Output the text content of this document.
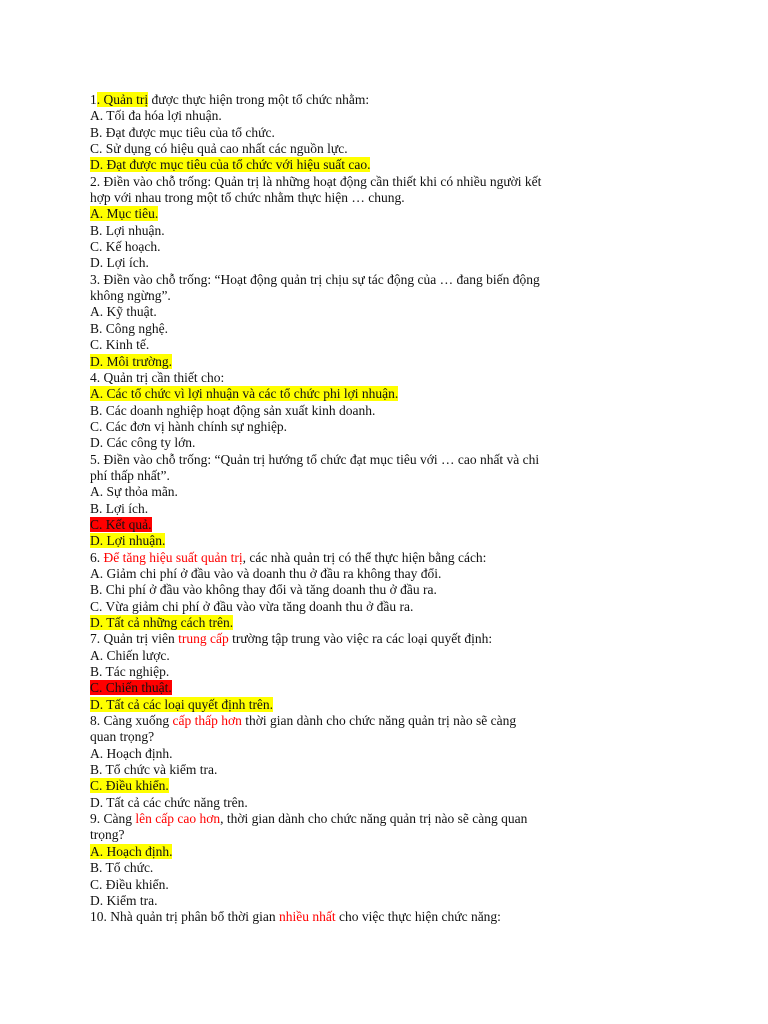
1. Quản trị được thực hiện trong một tổ chức nhằm:
A. Tối đa hóa lợi nhuận.
B. Đạt được mục tiêu của tổ chức.
C. Sử dụng có hiệu quả cao nhất các nguồn lực.
D. Đạt được mục tiêu của tổ chức với hiệu suất cao.
2. Điền vào chỗ trống: Quản trị là những hoạt động cần thiết khi có nhiều người kết
hợp với nhau trong một tổ chức nhằm thực hiện … chung.
A. Mục tiêu.
B. Lợi nhuận.
C. Kế hoạch.
D. Lợi ích.
3. Điền vào chỗ trống: “Hoạt động quản trị chịu sự tác động của … đang biến động
không ngừng”.
A. Kỹ thuật.
B. Công nghệ.
C. Kinh tế.
D. Môi trường.
4. Quản trị cần thiết cho:
A. Các tổ chức vì lợi nhuận và các tổ chức phi lợi nhuận.
B. Các doanh nghiệp hoạt động sản xuất kinh doanh.
C. Các đơn vị hành chính sự nghiệp.
D. Các công ty lớn.
5. Điền vào chỗ trống: “Quản trị hướng tổ chức đạt mục tiêu với … cao nhất và chi
phí thấp nhất”.
A. Sự thỏa mãn.
B. Lợi ích.
C. Kết quả.
D. Lợi nhuận.
6. Để tăng hiệu suất quản trị, các nhà quản trị có thể thực hiện bằng cách:
A. Giảm chi phí ở đầu vào và doanh thu ở đầu ra không thay đổi.
B. Chi phí ở đầu vào không thay đổi và tăng doanh thu ở đầu ra.
C. Vừa giảm chi phí ở đầu vào vừa tăng doanh thu ở đầu ra.
D. Tất cả những cách trên.
7. Quản trị viên trung cấp trường tập trung vào việc ra các loại quyết định:
A. Chiến lược.
B. Tác nghiệp.
C. Chiến thuật.
D. Tất cả các loại quyết định trên.
8. Càng xuống cấp thấp hơn thời gian dành cho chức năng quản trị nào sẽ càng
quan trọng?
A. Hoạch định.
B. Tổ chức và kiểm tra.
C. Điều khiển.
D. Tất cả các chức năng trên.
9. Càng lên cấp cao hơn, thời gian dành cho chức năng quản trị nào sẽ càng quan
trọng?
A. Hoạch định.
B. Tổ chức.
C. Điều khiển.
D. Kiểm tra.
10. Nhà quản trị phân bổ thời gian nhiều nhất cho việc thực hiện chức năng:
